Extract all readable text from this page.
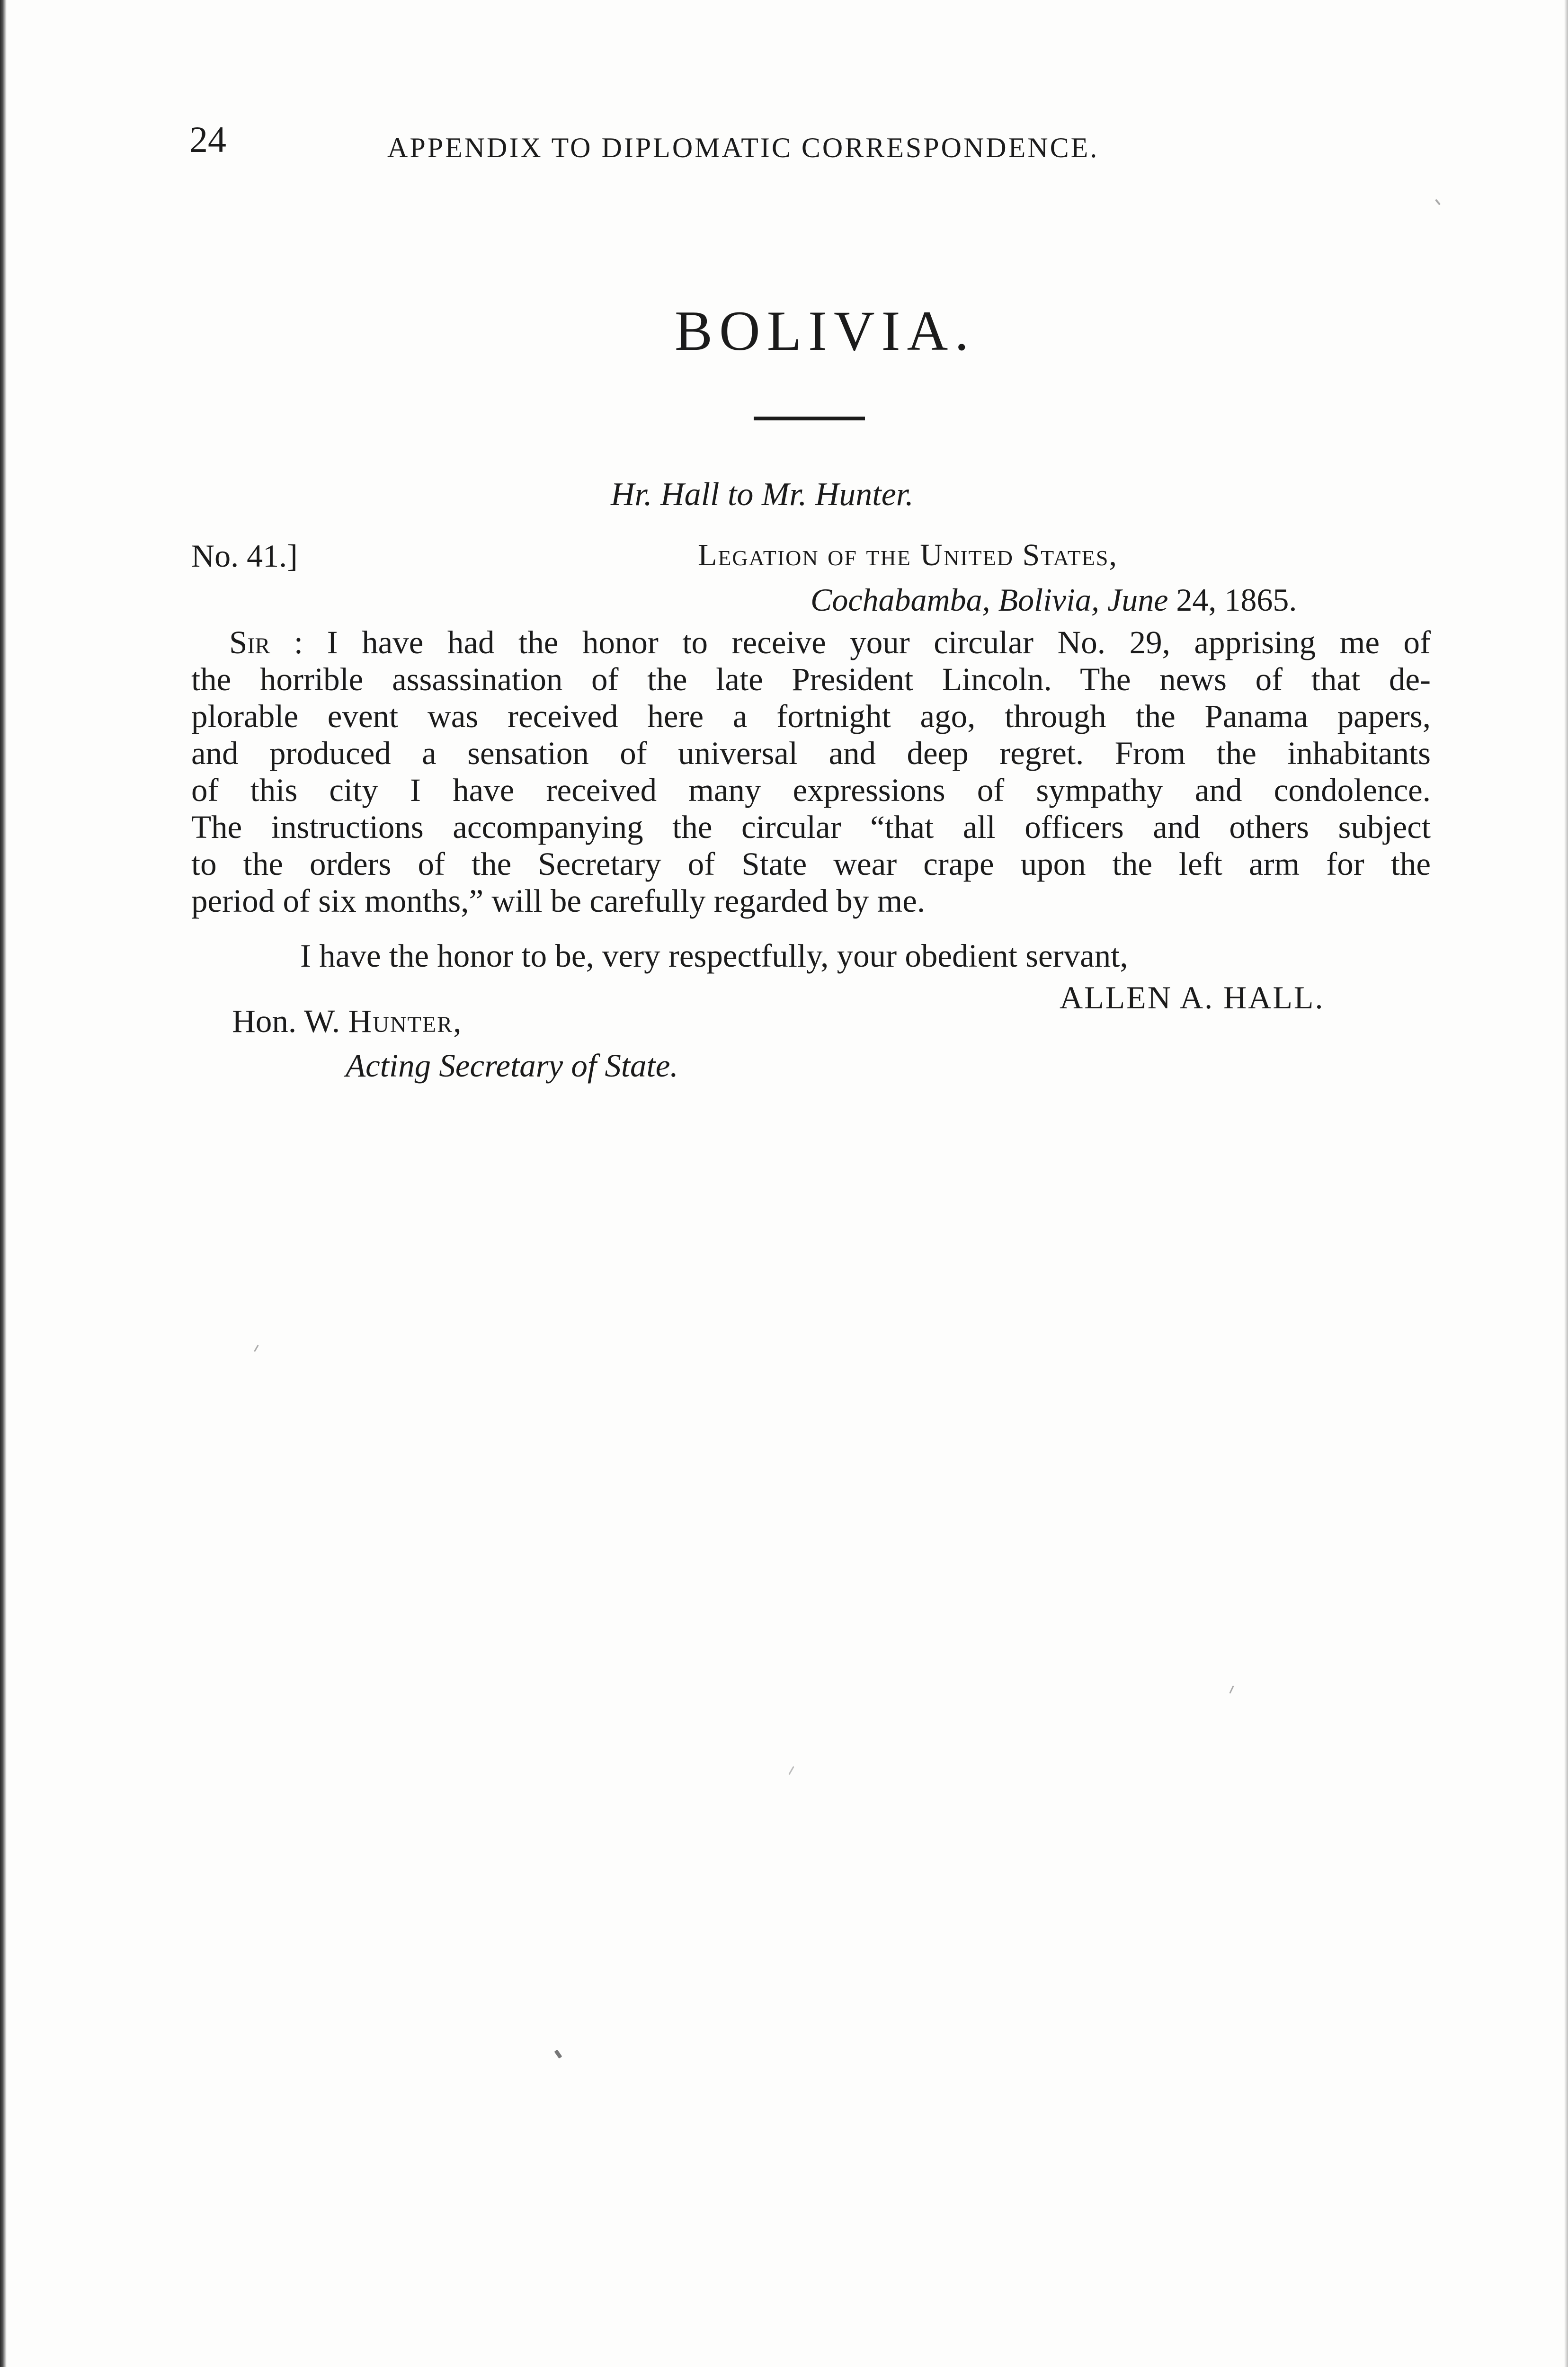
24	APPENDIX TO DIPLOMATIC CORRESPONDENCE.
BOLIVIA.
Hr. Hall to Mr. Hunter.
No. 41.]	Legation of the United States,
Cochabamba, Bolivia, June 24, 1865.
Sir : I have had the honor to receive your circular No. 29, apprising me of
the horrible assassination of the late President Lincoln. The news of that de-
plorable event was received here a fortnight ago, through the Panama papers,
and produced a sensation of universal and deep regret. From the inhabitants
of this city I have received many expressions of sympathy and condolence.
The instructions accompanying the circular “that all officers and others subject
to the orders of the Secretary of State wear crape upon the left arm for the
period of six months,” will be carefully regarded by me.
I have the honor to be, very respectfully, your obedient servant,
ALLEN A. HALL.
Hon. W. Hunter,
Acting Secretary of State.
